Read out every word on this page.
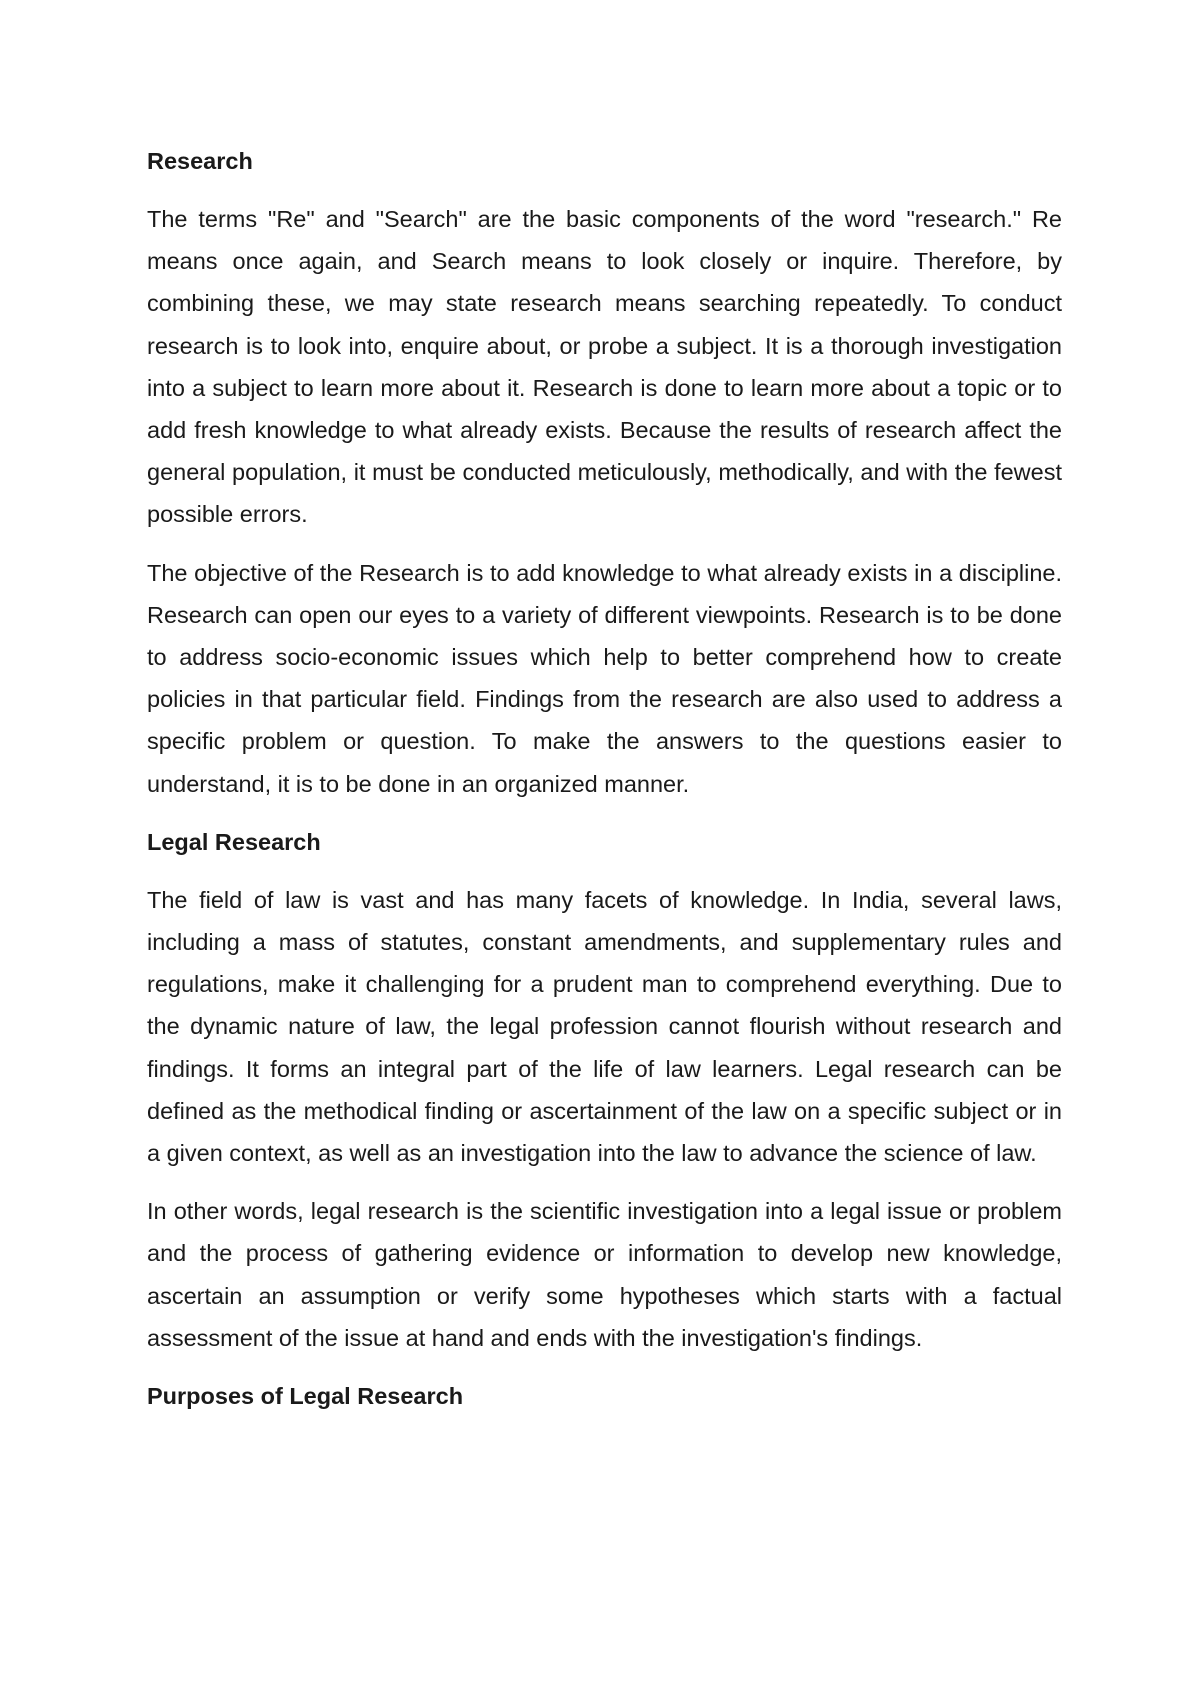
Research

The terms "Re" and "Search" are the basic components of the word "research." Re means once again, and Search means to look closely or inquire. Therefore, by combining these, we may state research means searching repeatedly. To conduct research is to look into, enquire about, or probe a subject. It is a thorough investigation into a subject to learn more about it. Research is done to learn more about a topic or to add fresh knowledge to what already exists. Because the results of research affect the general population, it must be conducted meticulously, methodically, and with the fewest possible errors.

The objective of the Research is to add knowledge to what already exists in a discipline. Research can open our eyes to a variety of different viewpoints. Research is to be done to address socio-economic issues which help to better comprehend how to create policies in that particular field. Findings from the research are also used to address a specific problem or question. To make the answers to the questions easier to understand, it is to be done in an organized manner.

Legal Research

The field of law is vast and has many facets of knowledge. In India, several laws, including a mass of statutes, constant amendments, and supplementary rules and regulations, make it challenging for a prudent man to comprehend everything. Due to the dynamic nature of law, the legal profession cannot flourish without research and findings. It forms an integral part of the life of law learners. Legal research can be defined as the methodical finding or ascertainment of the law on a specific subject or in a given context, as well as an investigation into the law to advance the science of law.

In other words, legal research is the scientific investigation into a legal issue or problem and the process of gathering evidence or information to develop new knowledge, ascertain an assumption or verify some hypotheses which starts with a factual assessment of the issue at hand and ends with the investigation's findings.

Purposes of Legal Research
